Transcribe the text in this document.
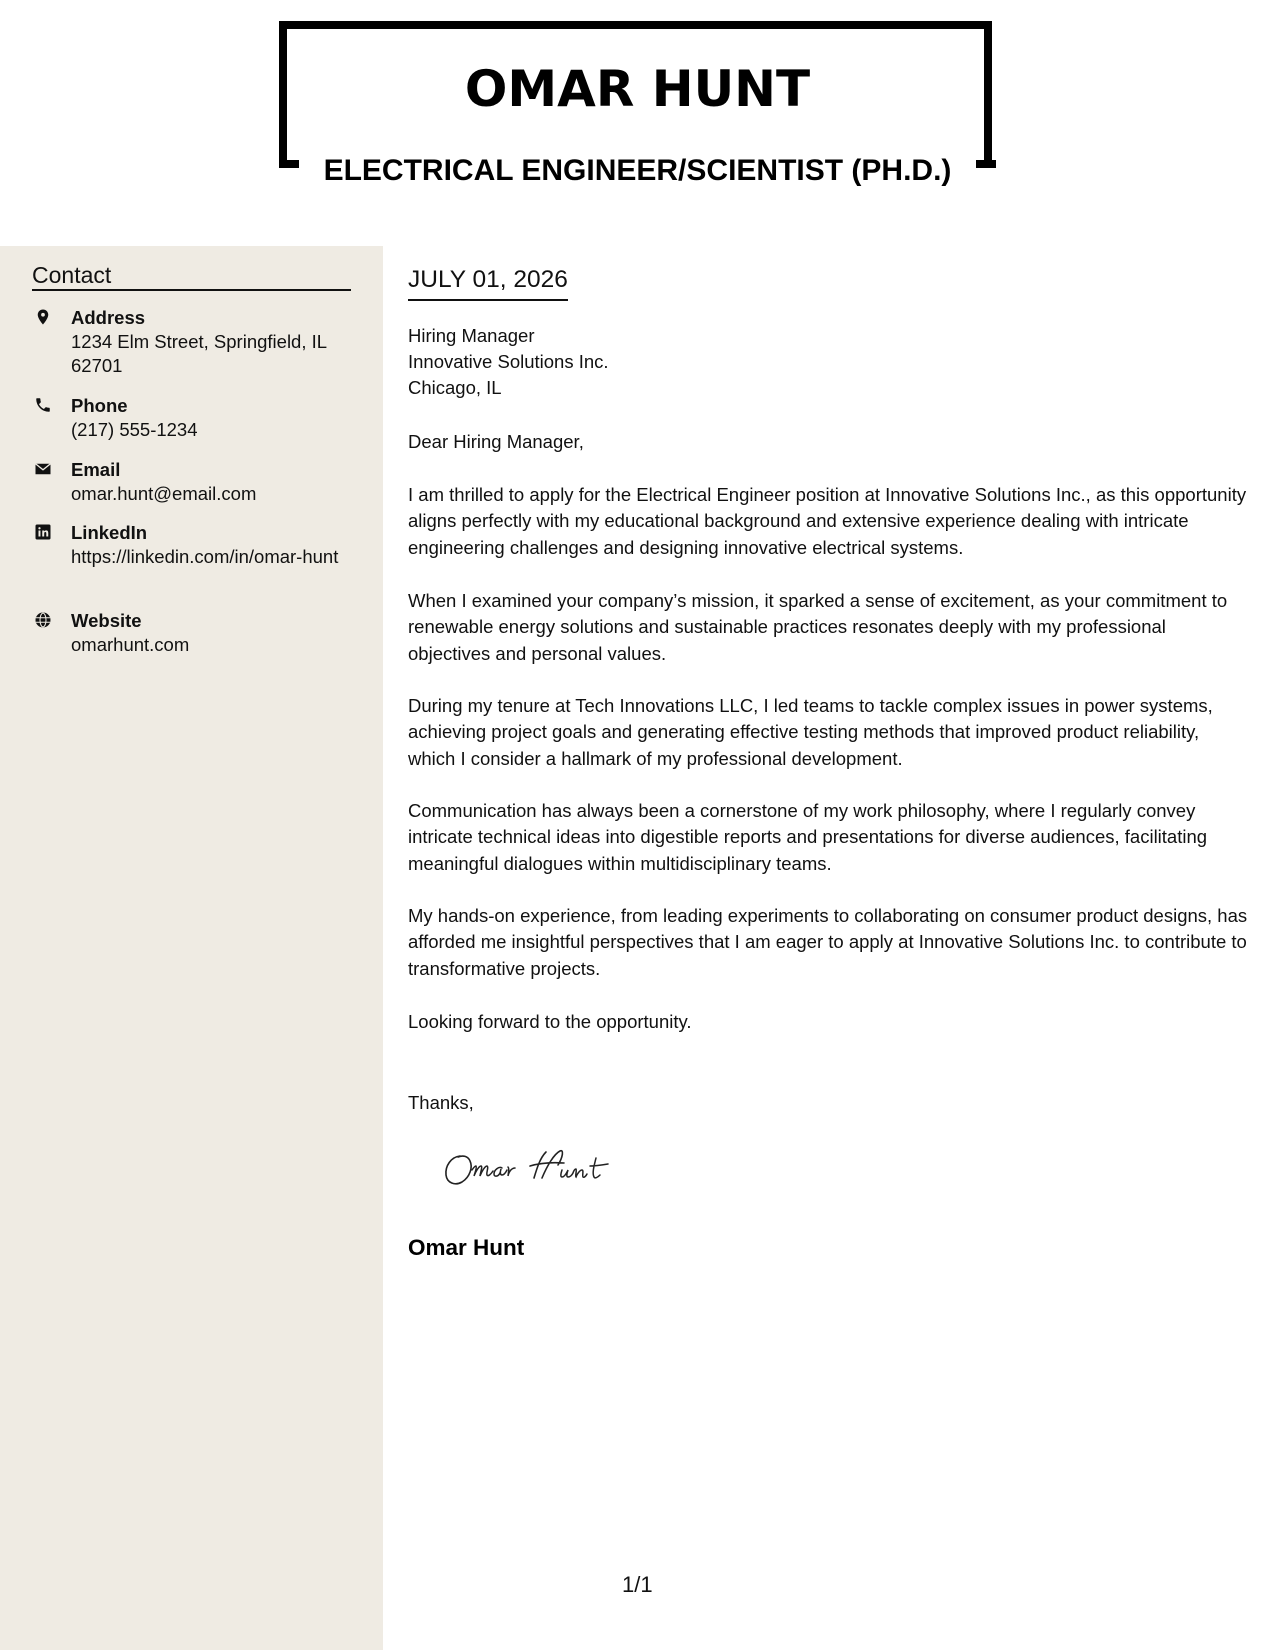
OMAR HUNT
ELECTRICAL ENGINEER/SCIENTIST (PH.D.)
Contact
Address
1234 Elm Street, Springfield, IL 62701
Phone
(217) 555-1234
Email
omar.hunt@email.com
LinkedIn
https://linkedin.com/in/omar-hunt
Website
omarhunt.com
JULY 01, 2026
Hiring Manager
Innovative Solutions Inc.
Chicago, IL
Dear Hiring Manager,
I am thrilled to apply for the Electrical Engineer position at Innovative Solutions Inc., as this opportunity aligns perfectly with my educational background and extensive experience dealing with intricate engineering challenges and designing innovative electrical systems.
When I examined your company’s mission, it sparked a sense of excitement, as your commitment to renewable energy solutions and sustainable practices resonates deeply with my professional objectives and personal values.
During my tenure at Tech Innovations LLC, I led teams to tackle complex issues in power systems, achieving project goals and generating effective testing methods that improved product reliability, which I consider a hallmark of my professional development.
Communication has always been a cornerstone of my work philosophy, where I regularly convey intricate technical ideas into digestible reports and presentations for diverse audiences, facilitating meaningful dialogues within multidisciplinary teams.
My hands-on experience, from leading experiments to collaborating on consumer product designs, has afforded me insightful perspectives that I am eager to apply at Innovative Solutions Inc. to contribute to transformative projects.
Looking forward to the opportunity.
Thanks,
Omar Hunt
1/1
